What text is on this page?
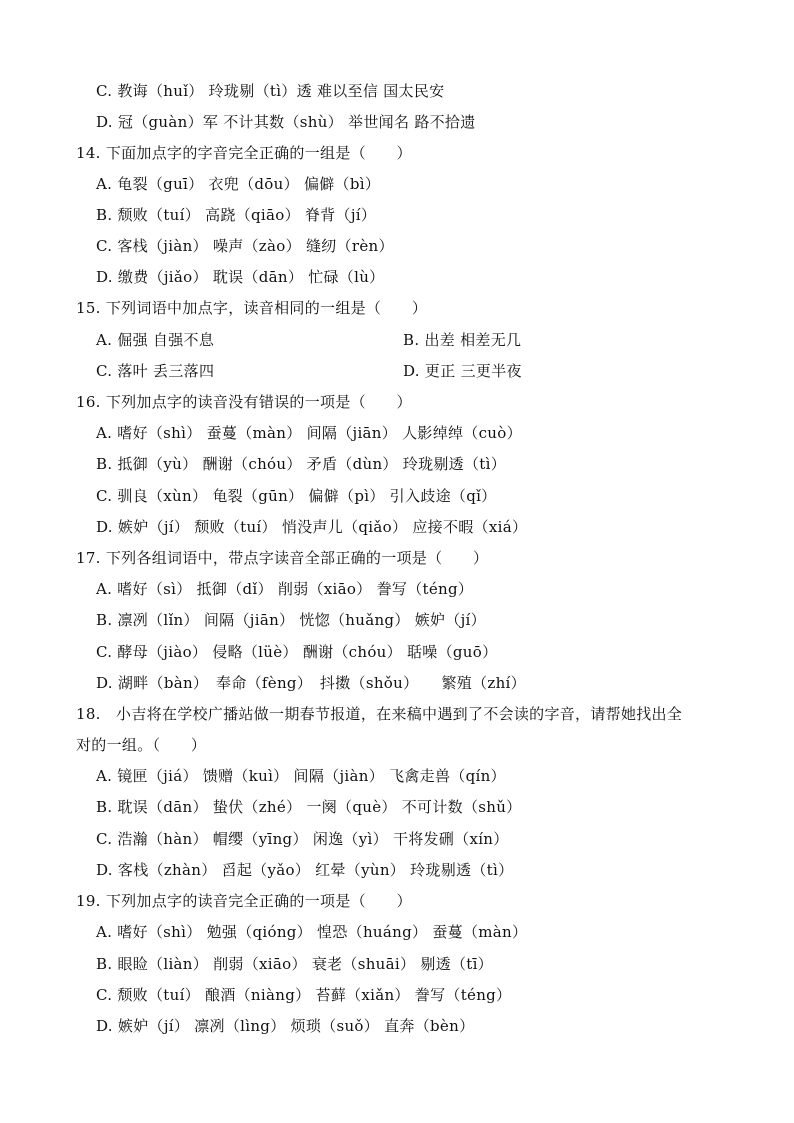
C. 教诲（huǐ） 玲珑剔（tì）透 难以至信 国太民安
D. 冠（guàn）军 不计其数（shù） 举世闻名 路不拾遗
14. 下面加点字的字音完全正确的一组是（　　）
A. 龟裂（guī） 衣兜（dōu） 偏僻（bì）
B. 颓败（tuí） 高跷（qiāo） 脊背（jí）
C. 客栈（jiàn） 噪声（zào） 缝纫（rèn）
D. 缴费（jiǎo） 耽误（dān） 忙碌（lù）
15. 下列词语中加点字，读音相同的一组是（　　）
A. 倔强 自强不息	B. 出差 相差无几
C. 落叶 丢三落四	D. 更正 三更半夜
16. 下列加点字的读音没有错误的一项是（　　）
A. 嗜好（shì） 蚕蔓（màn） 间隔（jiān） 人影绰绰（cuò）
B. 抵御（yù） 酬谢（chóu） 矛盾（dùn） 玲珑剔透（tì）
C. 驯良（xùn） 龟裂（gūn） 偏僻（pì） 引入歧途（qǐ）
D. 嫉妒（jí） 颓败（tuí） 悄没声儿（qiǎo） 应接不暇（xiá）
17. 下列各组词语中，带点字读音全部正确的一项是（　　）
A. 嗜好（sì） 抵御（dǐ） 削弱（xiāo） 誊写（téng）
B. 凛冽（lǐn） 间隔（jiān） 恍惚（huǎng） 嫉妒（jí）
C. 酵母（jiào） 侵略（lüè） 酬谢（chóu） 聒噪（guō）
D. 湖畔（bàn）　奉命（fèng）　抖擞（shǒu）　　繁殖（zhí）
18.　小吉将在学校广播站做一期春节报道，在来稿中遇到了不会读的字音，请帮她找出全
对的一组。（　　）
A. 镜匣（jiá） 馈赠（kuì） 间隔（jiàn） 飞禽走兽（qín）
B. 耽误（dān） 蛰伏（zhé） 一阕（què） 不可计数（shǔ）
C. 浩瀚（hàn） 帽缨（yīng） 闲逸（yì） 干将发硎（xín）
D. 客栈（zhàn） 舀起（yǎo） 红晕（yùn） 玲珑剔透（tì）
19. 下列加点字的读音完全正确的一项是（　　）
A. 嗜好（shì） 勉强（qióng） 惶恐（huáng） 蚕蔓（màn）
B. 眼睑（liàn） 削弱（xiāo） 衰老（shuāi） 剔透（tī）
C. 颓败（tuí） 酿酒（niàng） 苔藓（xiǎn） 誊写（téng）
D. 嫉妒（jí） 凛冽（lìng） 烦琐（suǒ） 直奔（bèn）
